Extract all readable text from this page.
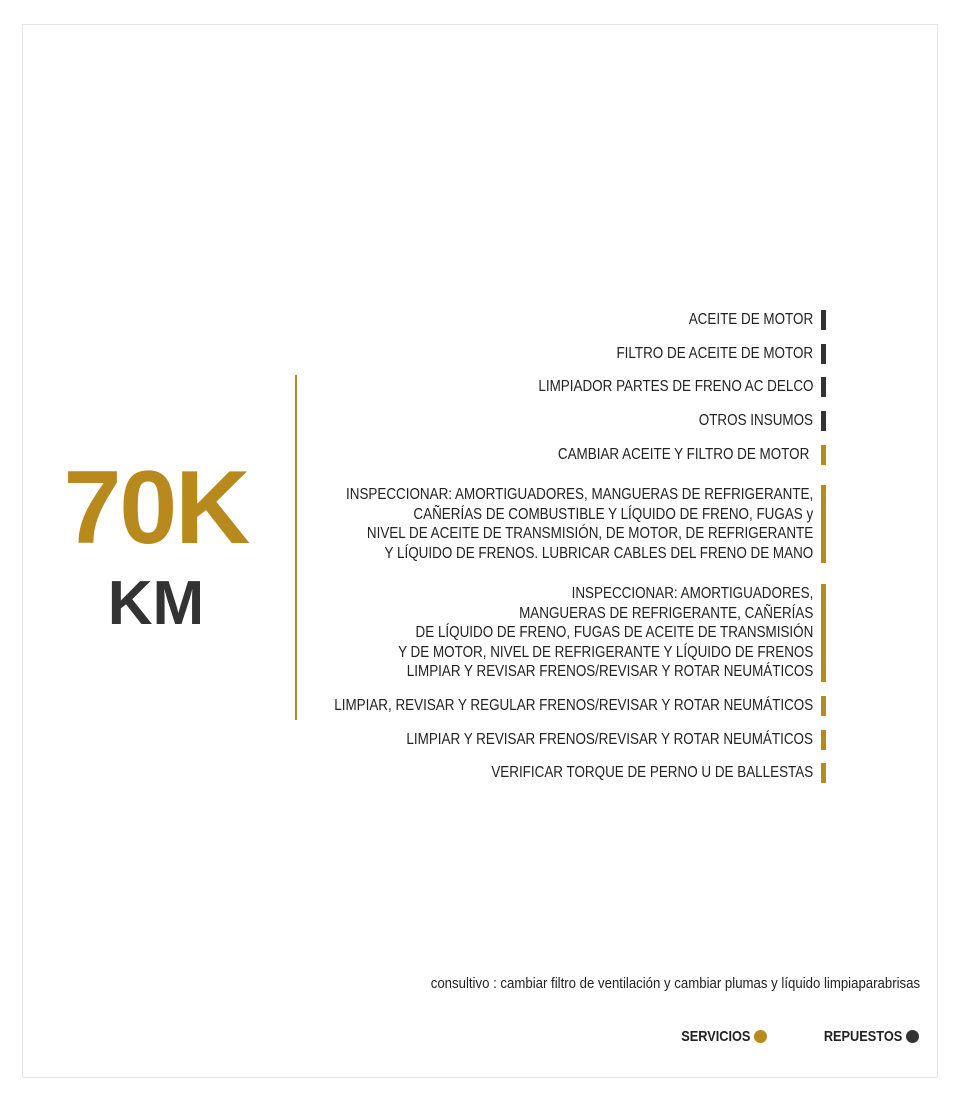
70K
KM
ACEITE DE MOTOR
FILTRO DE ACEITE DE MOTOR
LIMPIADOR PARTES DE FRENO AC DELCO
OTROS INSUMOS
CAMBIAR ACEITE Y FILTRO DE MOTOR
INSPECCIONAR: AMORTIGUADORES, MANGUERAS DE REFRIGERANTE,
CAÑERÍAS DE COMBUSTIBLE Y LÍQUIDO DE FRENO, FUGAS y
NIVEL DE ACEITE DE TRANSMISIÓN, DE MOTOR, DE REFRIGERANTE
Y LÍQUIDO DE FRENOS. LUBRICAR CABLES DEL FRENO DE MANO
INSPECCIONAR: AMORTIGUADORES,
MANGUERAS DE REFRIGERANTE, CAÑERÍAS
DE LÍQUIDO DE FRENO, FUGAS DE ACEITE DE TRANSMISIÓN
Y DE MOTOR, NIVEL DE REFRIGERANTE Y LÍQUIDO DE FRENOS
LIMPIAR Y REVISAR FRENOS/REVISAR Y ROTAR NEUMÁTICOS
LIMPIAR, REVISAR Y REGULAR FRENOS/REVISAR Y ROTAR NEUMÁTICOS
LIMPIAR Y REVISAR FRENOS/REVISAR Y ROTAR NEUMÁTICOS
VERIFICAR TORQUE DE PERNO U DE BALLESTAS
consultivo : cambiar filtro de ventilación y cambiar plumas y líquido limpiaparabrisas
SERVICIOS	REPUESTOS
